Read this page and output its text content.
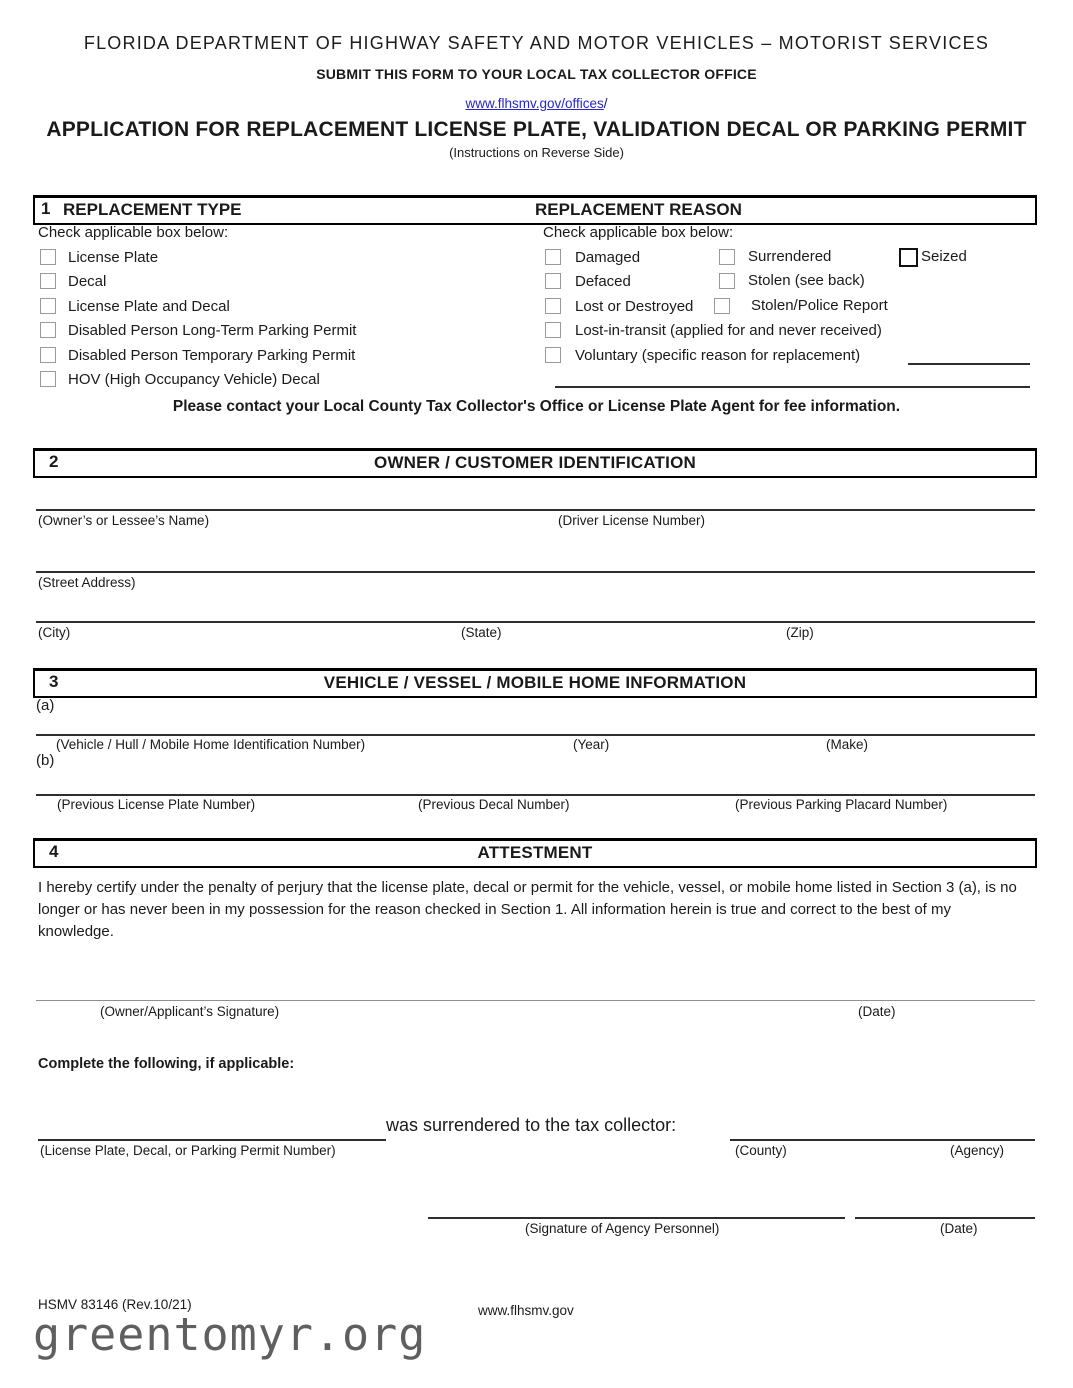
FLORIDA DEPARTMENT OF HIGHWAY SAFETY AND MOTOR VEHICLES – MOTORIST SERVICES
SUBMIT THIS FORM TO YOUR LOCAL TAX COLLECTOR OFFICE
www.flhsmv.gov/offices/
APPLICATION FOR REPLACEMENT LICENSE PLATE, VALIDATION DECAL OR PARKING PERMIT
(Instructions on Reverse Side)
1 REPLACEMENT TYPE	REPLACEMENT REASON
Check applicable box below:
License Plate
Decal
License Plate and Decal
Disabled Person Long-Term Parking Permit
Disabled Person Temporary Parking Permit
HOV (High Occupancy Vehicle) Decal
Check applicable box below:
Damaged	Surrendered	Seized
Defaced	Stolen (see back)
Lost or Destroyed	Stolen/Police Report
Lost-in-transit (applied for and never received)
Voluntary (specific reason for replacement)
Please contact your Local County Tax Collector's Office or License Plate Agent for fee information.
2	OWNER / CUSTOMER IDENTIFICATION
(Owner’s or Lessee’s Name)	(Driver License Number)
(Street Address)
(City)	(State)	(Zip)
3	VEHICLE / VESSEL / MOBILE HOME INFORMATION
(a)
(Vehicle / Hull / Mobile Home Identification Number)	(Year)	(Make)
(b)
(Previous License Plate Number)	(Previous Decal Number)	(Previous Parking Placard Number)
4	ATTESTMENT
I hereby certify under the penalty of perjury that the license plate, decal or permit for the vehicle, vessel, or mobile home listed in Section 3 (a), is no longer or has never been in my possession for the reason checked in Section 1. All information herein is true and correct to the best of my knowledge.
(Owner/Applicant’s Signature)	(Date)
Complete the following, if applicable:
was surrendered to the tax collector:
(License Plate, Decal, or Parking Permit Number)	(County)	(Agency)
(Signature of Agency Personnel)	(Date)
HSMV 83146 (Rev.10/21)	www.flhsmv.gov
greentomyr.org
